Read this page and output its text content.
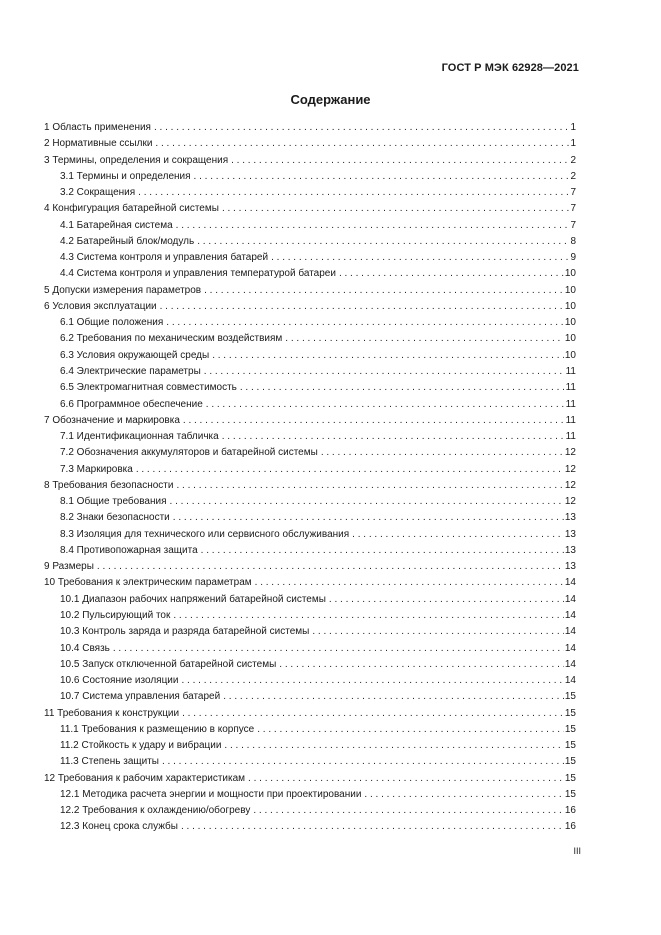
ГОСТ Р МЭК 62928—2021
Содержание
1 Область применения . . .	1
2 Нормативные ссылки . . .	1
3 Термины, определения и сокращения . . .	2
3.1 Термины и определения . . .	2
3.2 Сокращения . . .	7
4 Конфигурация батарейной системы . . .	7
4.1 Батарейная система . . .	7
4.2 Батарейный блок/модуль . . .	8
4.3 Система контроля и управления батарей . . .	9
4.4 Система контроля и управления температурой батареи . . .	10
5 Допуски измерения параметров . . .	10
6 Условия эксплуатации . . .	10
6.1 Общие положения . . .	10
6.2 Требования по механическим воздействиям . . .	10
6.3 Условия окружающей среды . . .	10
6.4 Электрические параметры . . .	11
6.5 Электромагнитная совместимость . . .	11
6.6 Программное обеспечение . . .	11
7 Обозначение и маркировка . . .	11
7.1 Идентификационная табличка . . .	11
7.2 Обозначения аккумуляторов и батарейной системы . . .	12
7.3 Маркировка . . .	12
8 Требования безопасности . . .	12
8.1 Общие требования . . .	12
8.2 Знаки безопасности . . .	13
8.3 Изоляция для технического или сервисного обслуживания . . .	13
8.4 Противопожарная защита . . .	13
9 Размеры . . .	13
10 Требования к электрическим параметрам . . .	14
10.1 Диапазон рабочих напряжений батарейной системы . . .	14
10.2 Пульсирующий ток . . .	14
10.3 Контроль заряда и разряда батарейной системы . . .	14
10.4 Связь . . .	14
10.5 Запуск отключенной батарейной системы . . .	14
10.6 Состояние изоляции . . .	14
10.7 Система управления батарей . . .	15
11 Требования к конструкции . . .	15
11.1 Требования к размещению в корпусе . . .	15
11.2 Стойкость к удару и вибрации . . .	15
11.3 Степень защиты . . .	15
12 Требования к рабочим характеристикам . . .	15
12.1 Методика расчета энергии и мощности при проектировании . . .	15
12.2 Требования к охлаждению/обогреву . . .	16
12.3 Конец срока службы . . .	16
III
